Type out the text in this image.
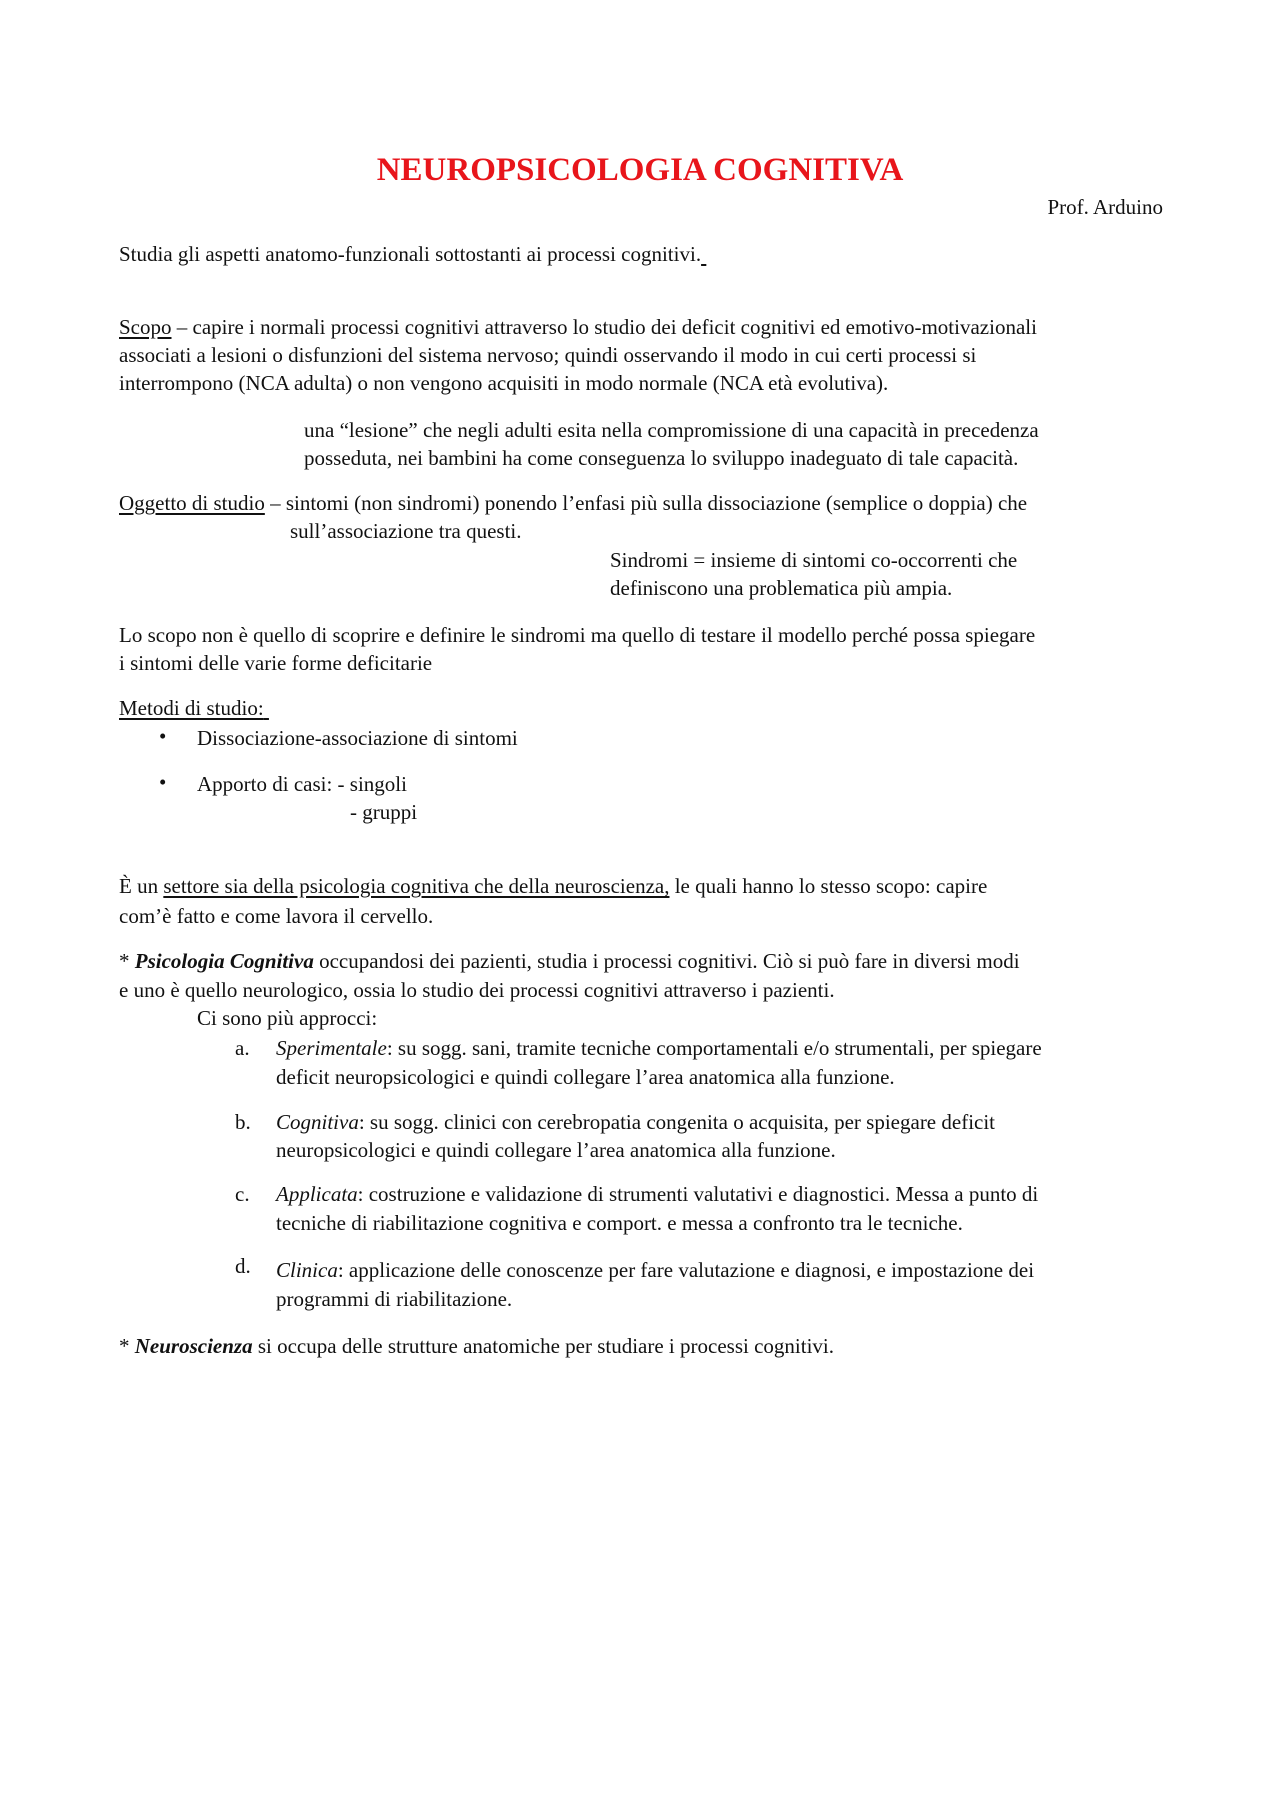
NEUROPSICOLOGIA COGNITIVA
Prof. Arduino
Studia gli aspetti anatomo-funzionali sottostanti ai processi cognitivi.
Scopo – capire i normali processi cognitivi attraverso lo studio dei deficit cognitivi ed emotivo-motivazionali
associati a lesioni o disfunzioni del sistema nervoso; quindi osservando il modo in cui certi processi si
interrompono (NCA adulta) o non vengono acquisiti in modo normale (NCA età evolutiva).
una “lesione” che negli adulti esita nella compromissione di una capacità in precedenza
posseduta, nei bambini ha come conseguenza lo sviluppo inadeguato di tale capacità.
Oggetto di studio – sintomi (non sindromi) ponendo l’enfasi più sulla dissociazione (semplice o doppia) che
sull’associazione tra questi.
Sindromi = insieme di sintomi co-occorrenti che
definiscono una problematica più ampia.
Lo scopo non è quello di scoprire e definire le sindromi ma quello di testare il modello perché possa spiegare
i sintomi delle varie forme deficitarie
Metodi di studio:
• Dissociazione-associazione di sintomi
• Apporto di casi: - singoli
- gruppi
È un settore sia della psicologia cognitiva che della neuroscienza, le quali hanno lo stesso scopo: capire
com’è fatto e come lavora il cervello.
* Psicologia Cognitiva occupandosi dei pazienti, studia i processi cognitivi. Ciò si può fare in diversi modi
e uno è quello neurologico, ossia lo studio dei processi cognitivi attraverso i pazienti.
Ci sono più approcci:
a. Sperimentale: su sogg. sani, tramite tecniche comportamentali e/o strumentali, per spiegare
deficit neuropsicologici e quindi collegare l’area anatomica alla funzione.
b. Cognitiva: su sogg. clinici con cerebropatia congenita o acquisita, per spiegare deficit
neuropsicologici e quindi collegare l’area anatomica alla funzione.
c. Applicata: costruzione e validazione di strumenti valutativi e diagnostici. Messa a punto di
tecniche di riabilitazione cognitiva e comport. e messa a confronto tra le tecniche.
d. Clinica: applicazione delle conoscenze per fare valutazione e diagnosi, e impostazione dei
programmi di riabilitazione.
* Neuroscienza si occupa delle strutture anatomiche per studiare i processi cognitivi.
